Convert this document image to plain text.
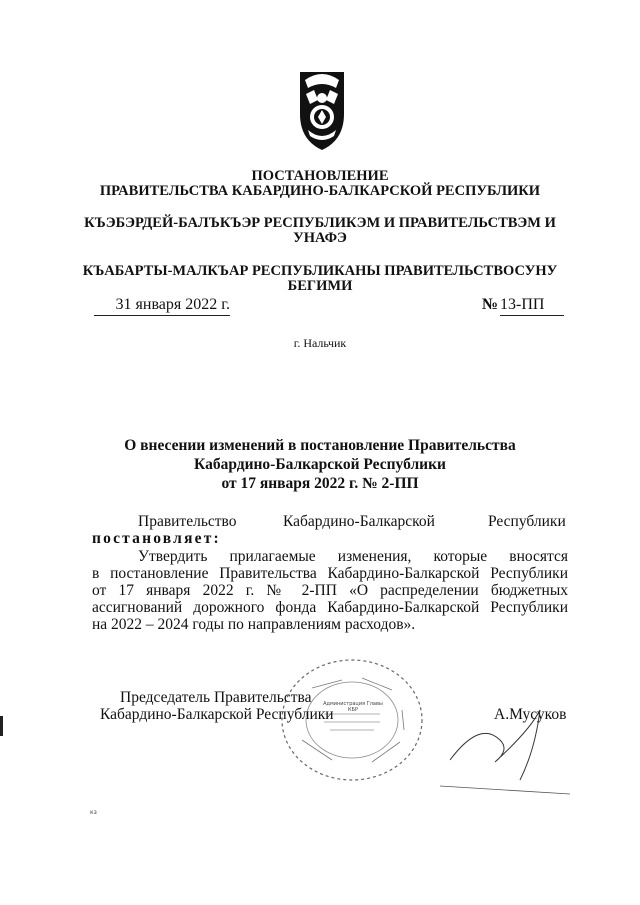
ПОСТАНОВЛЕНИЕ
ПРАВИТЕЛЬСТВА КАБАРДИНО-БАЛКАРСКОЙ РЕСПУБЛИКИ
КЪЭБЭРДЕЙ-БАЛЪКЪЭР РЕСПУБЛИКЭМ И ПРАВИТЕЛЬСТВЭМ И
УНАФЭ
КЪАБАРТЫ-МАЛКЪАР РЕСПУБЛИКАНЫ ПРАВИТЕЛЬСТВОСУНУ
БЕГИМИ
31 января 2022 г.	№ 13-ПП
г. Нальчик
О внесении изменений в постановление Правительства
Кабардино-Балкарской Республики
от 17 января 2022 г. № 2-ПП
Правительство	Кабардино-Балкарской	Республики
постановляет:
Утвердить прилагаемые изменения, которые вносятся
в постановление Правительства Кабардино-Балкарской Республики
от 17 января 2022 г. № 2-ПП «О распределении бюджетных
ассигнований дорожного фонда Кабардино-Балкарской Республики
на 2022 – 2024 годы по направлениям расходов».
Администрация Главы КБР
Председатель Правительства
Кабардино-Балкарской Республики	А.Мусуков
кз
